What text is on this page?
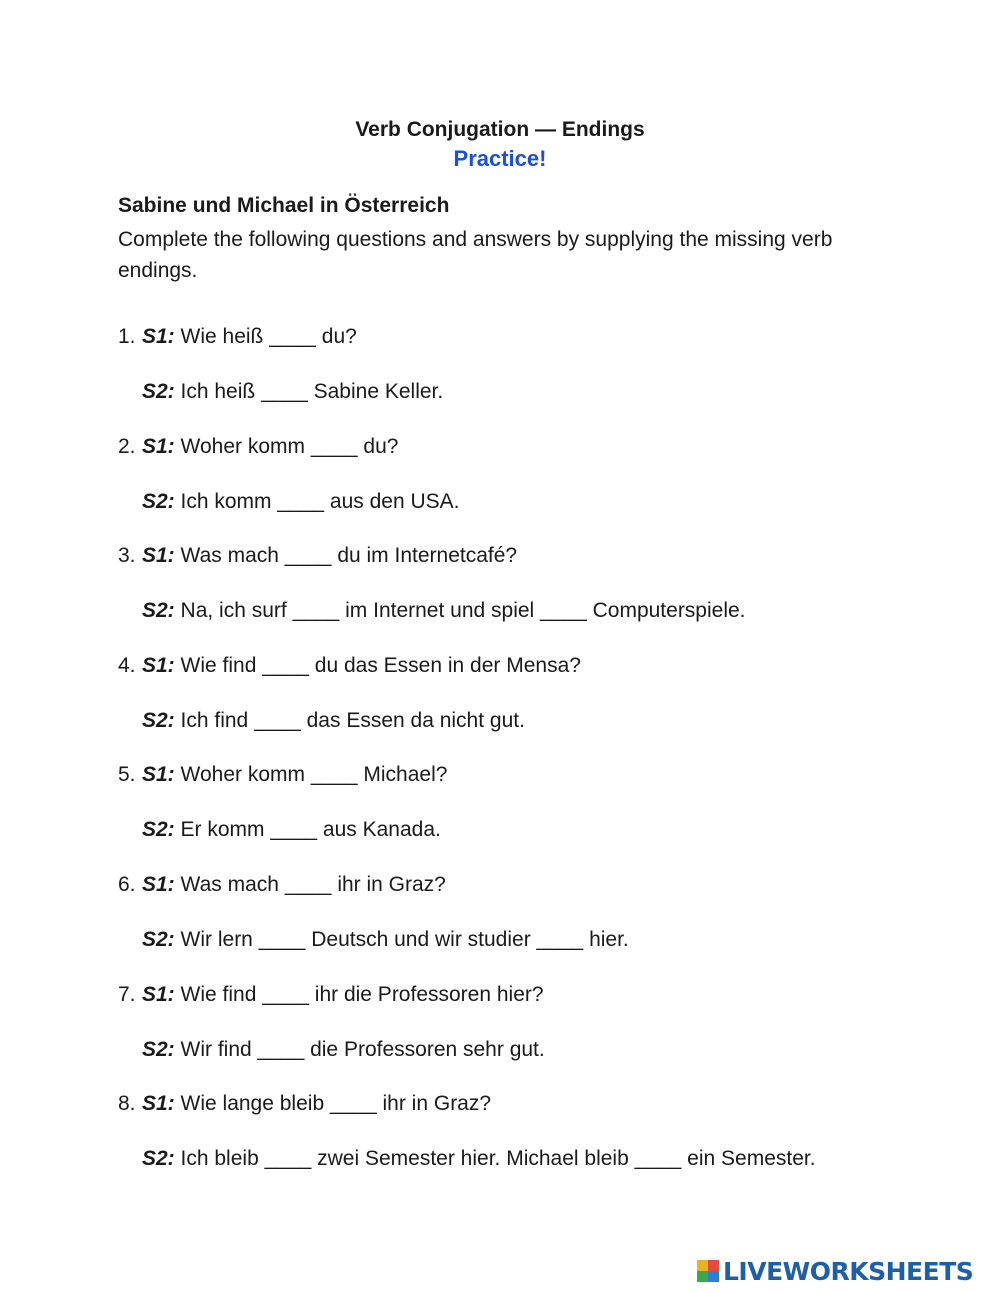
Verb Conjugation — Endings
Practice!
Sabine und Michael in Österreich
Complete the following questions and answers by supplying the missing verb endings.
1. S1: Wie heiß ____ du?
S2: Ich heiß ____ Sabine Keller.
2. S1: Woher komm ____ du?
S2: Ich komm ____ aus den USA.
3. S1: Was mach ____ du im Internetcafé?
S2: Na, ich surf ____ im Internet und spiel ____ Computerspiele.
4. S1: Wie find ____ du das Essen in der Mensa?
S2: Ich find ____ das Essen da nicht gut.
5. S1: Woher komm ____ Michael?
S2: Er komm ____ aus Kanada.
6. S1: Was mach ____ ihr in Graz?
S2: Wir lern ____ Deutsch und wir studier ____ hier.
7. S1: Wie find ____ ihr die Professoren hier?
S2: Wir find ____ die Professoren sehr gut.
8. S1: Wie lange bleib ____ ihr in Graz?
S2: Ich bleib ____ zwei Semester hier. Michael bleib ____ ein Semester.
LIVEWORKSHEETS
